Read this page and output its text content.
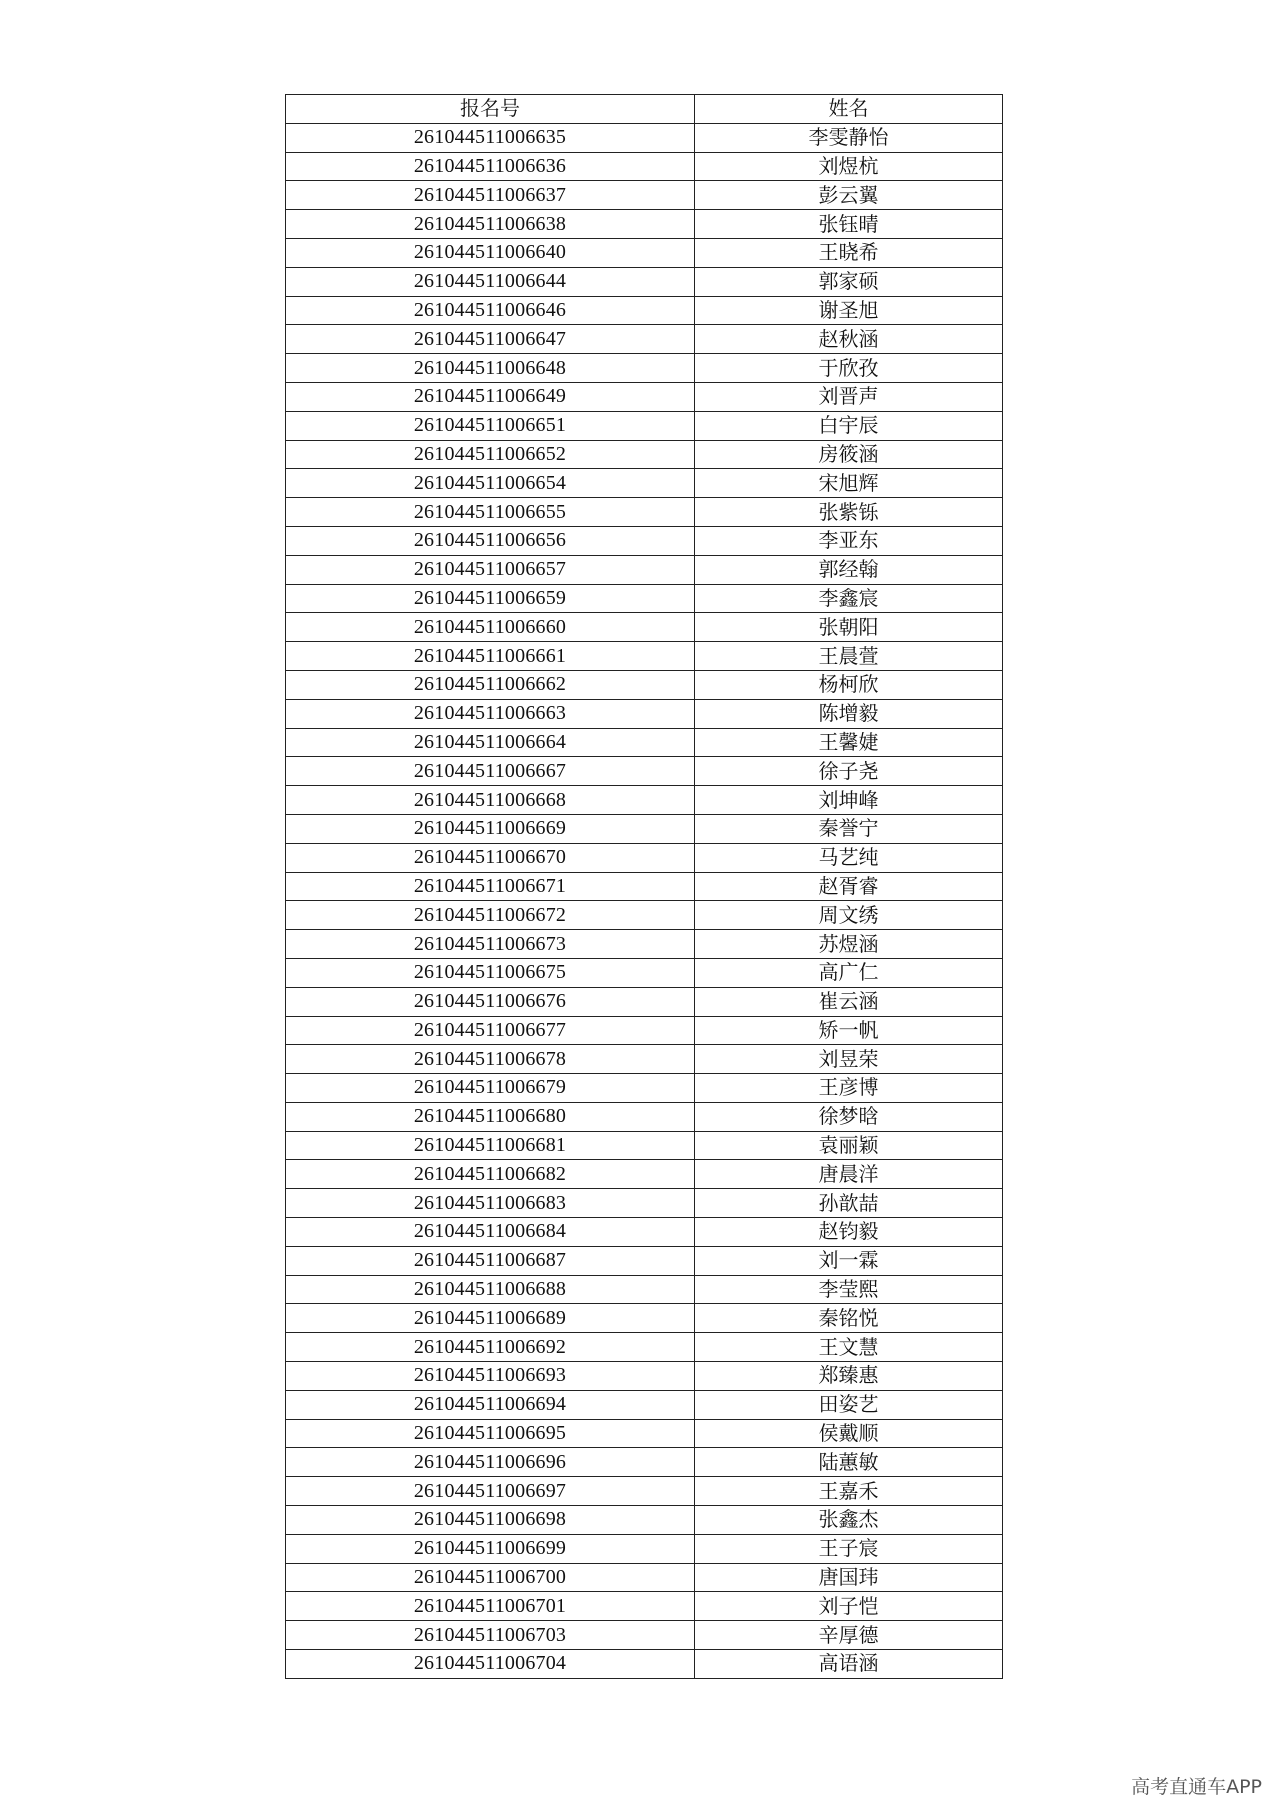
报名号	姓名
261044511006635	李雯静怡
261044511006636	刘煜杭
261044511006637	彭云翼
261044511006638	张钰晴
261044511006640	王晓希
261044511006644	郭家硕
261044511006646	谢圣旭
261044511006647	赵秋涵
261044511006648	于欣孜
261044511006649	刘晋声
261044511006651	白宇辰
261044511006652	房筱涵
261044511006654	宋旭辉
261044511006655	张紫铄
261044511006656	李亚东
261044511006657	郭经翰
261044511006659	李鑫宸
261044511006660	张朝阳
261044511006661	王晨萱
261044511006662	杨柯欣
261044511006663	陈增毅
261044511006664	王馨婕
261044511006667	徐子尧
261044511006668	刘坤峰
261044511006669	秦誉宁
261044511006670	马艺纯
261044511006671	赵胥睿
261044511006672	周文绣
261044511006673	苏煜涵
261044511006675	高广仁
261044511006676	崔云涵
261044511006677	矫一帆
261044511006678	刘昱荣
261044511006679	王彦博
261044511006680	徐梦晗
261044511006681	袁丽颖
261044511006682	唐晨洋
261044511006683	孙歆喆
261044511006684	赵钧毅
261044511006687	刘一霖
261044511006688	李莹熙
261044511006689	秦铭悦
261044511006692	王文慧
261044511006693	郑臻惠
261044511006694	田姿艺
261044511006695	侯戴顺
261044511006696	陆蕙敏
261044511006697	王嘉禾
261044511006698	张鑫杰
261044511006699	王子宸
261044511006700	唐国玮
261044511006701	刘子恺
261044511006703	辛厚德
261044511006704	高语涵
高考直通车APP
